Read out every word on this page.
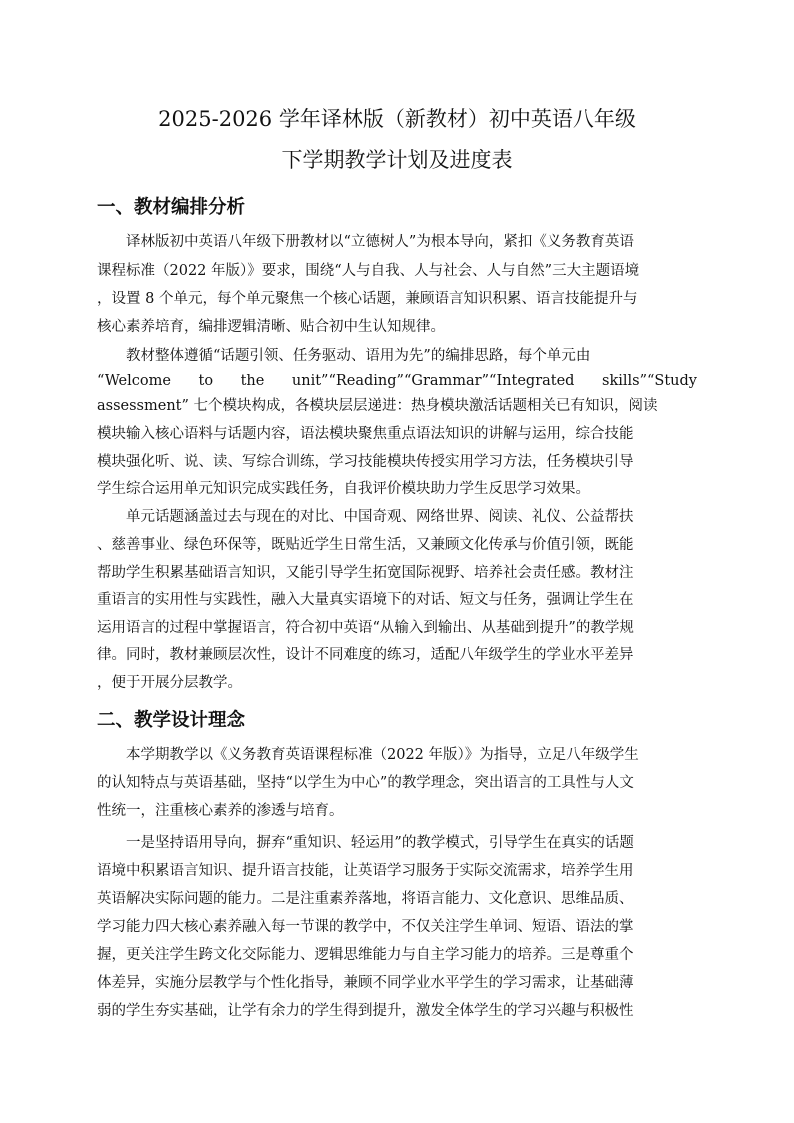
2025-2026 学年译林版（新教材）初中英语八年级
下学期教学计划及进度表
一、教材编排分析
译林版初中英语八年级下册教材以“立德树人”为根本导向，紧扣《义务教育英语
课程标准（2022 年版）》要求，围绕“人与自我、人与社会、人与自然”三大主题语境
，设置 8 个单元，每个单元聚焦一个核心话题，兼顾语言知识积累、语言技能提升与
核心素养培育，编排逻辑清晰、贴合初中生认知规律。
教材整体遵循“话题引领、任务驱动、语用为先”的编排思路，每个单元由
“Welcome to the unit”“Reading”“Grammar”“Integrated skills”“Study
assessment” 七个模块构成，各模块层层递进：热身模块激活话题相关已有知识，阅读
模块输入核心语料与话题内容，语法模块聚焦重点语法知识的讲解与运用，综合技能
模块强化听、说、读、写综合训练，学习技能模块传授实用学习方法，任务模块引导
学生综合运用单元知识完成实践任务，自我评价模块助力学生反思学习效果。
单元话题涵盖过去与现在的对比、中国奇观、网络世界、阅读、礼仪、公益帮扶
、慈善事业、绿色环保等，既贴近学生日常生活，又兼顾文化传承与价值引领，既能
帮助学生积累基础语言知识，又能引导学生拓宽国际视野、培养社会责任感。教材注
重语言的实用性与实践性，融入大量真实语境下的对话、短文与任务，强调让学生在
运用语言的过程中掌握语言，符合初中英语“从输入到输出、从基础到提升”的教学规
律。同时，教材兼顾层次性，设计不同难度的练习，适配八年级学生的学业水平差异
，便于开展分层教学。
二、教学设计理念
本学期教学以《义务教育英语课程标准（2022 年版）》为指导，立足八年级学生
的认知特点与英语基础，坚持“以学生为中心”的教学理念，突出语言的工具性与人文
性统一，注重核心素养的渗透与培育。
一是坚持语用导向，摒弃“重知识、轻运用”的教学模式，引导学生在真实的话题
语境中积累语言知识、提升语言技能，让英语学习服务于实际交流需求，培养学生用
英语解决实际问题的能力。二是注重素养落地，将语言能力、文化意识、思维品质、
学习能力四大核心素养融入每一节课的教学中，不仅关注学生单词、短语、语法的掌
握，更关注学生跨文化交际能力、逻辑思维能力与自主学习能力的培养。三是尊重个
体差异，实施分层教学与个性化指导，兼顾不同学业水平学生的学习需求，让基础薄
弱的学生夯实基础，让学有余力的学生得到提升，激发全体学生的学习兴趣与积极性
